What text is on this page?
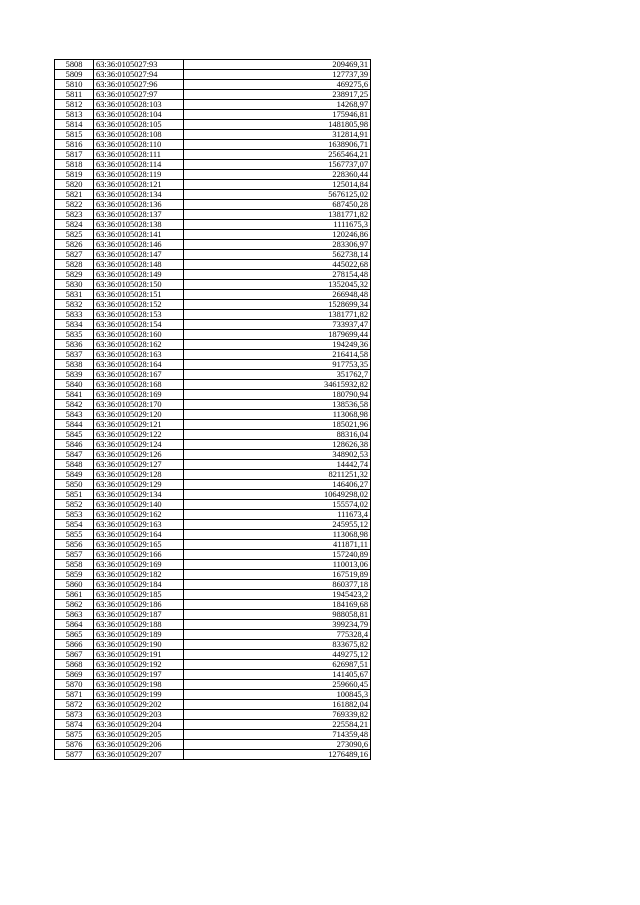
5808	63:36:0105027:93	209469,31
5809	63:36:0105027:94	127737,39
5810	63:36:0105027:96	469275,6
5811	63:36:0105027:97	238917,25
5812	63:36:0105028:103	14268,97
5813	63:36:0105028:104	175946,81
5814	63:36:0105028:105	1481805,98
5815	63:36:0105028:108	312814,91
5816	63:36:0105028:110	1638906,71
5817	63:36:0105028:111	2565464,21
5818	63:36:0105028:114	1567737,07
5819	63:36:0105028:119	228360,44
5820	63:36:0105028:121	125014,84
5821	63:36:0105028:134	5676125,02
5822	63:36:0105028:136	687450,28
5823	63:36:0105028:137	1381771,82
5824	63:36:0105028:138	1111675,3
5825	63:36:0105028:141	120246,86
5826	63:36:0105028:146	283306,97
5827	63:36:0105028:147	562738,14
5828	63:36:0105028:148	445022,68
5829	63:36:0105028:149	278154,48
5830	63:36:0105028:150	1352045,32
5831	63:36:0105028:151	266948,48
5832	63:36:0105028:152	1528699,34
5833	63:36:0105028:153	1381771,82
5834	63:36:0105028:154	733937,47
5835	63:36:0105028:160	1879699,44
5836	63:36:0105028:162	194249,36
5837	63:36:0105028:163	216414,58
5838	63:36:0105028:164	917753,35
5839	63:36:0105028:167	351762,7
5840	63:36:0105028:168	34615932,82
5841	63:36:0105028:169	180790,94
5842	63:36:0105028:170	138536,58
5843	63:36:0105029:120	113068,98
5844	63:36:0105029:121	185021,96
5845	63:36:0105029:122	88316,04
5846	63:36:0105029:124	128626,38
5847	63:36:0105029:126	348902,53
5848	63:36:0105029:127	14442,74
5849	63:36:0105029:128	8211251,32
5850	63:36:0105029:129	146406,27
5851	63:36:0105029:134	10649298,02
5852	63:36:0105029:140	155574,02
5853	63:36:0105029:162	111673,4
5854	63:36:0105029:163	245955,12
5855	63:36:0105029:164	113068,98
5856	63:36:0105029:165	411871,11
5857	63:36:0105029:166	157240,89
5858	63:36:0105029:169	110013,06
5859	63:36:0105029:182	167519,89
5860	63:36:0105029:184	860377,18
5861	63:36:0105029:185	1945423,2
5862	63:36:0105029:186	184169,68
5863	63:36:0105029:187	988058,81
5864	63:36:0105029:188	399234,79
5865	63:36:0105029:189	775328,4
5866	63:36:0105029:190	833675,82
5867	63:36:0105029:191	449275,12
5868	63:36:0105029:192	626987,51
5869	63:36:0105029:197	141405,67
5870	63:36:0105029:198	259660,45
5871	63:36:0105029:199	100845,3
5872	63:36:0105029:202	161882,04
5873	63:36:0105029:203	769339,82
5874	63:36:0105029:204	225584,21
5875	63:36:0105029:205	714359,48
5876	63:36:0105029:206	273090,6
5877	63:36:0105029:207	1276489,16
